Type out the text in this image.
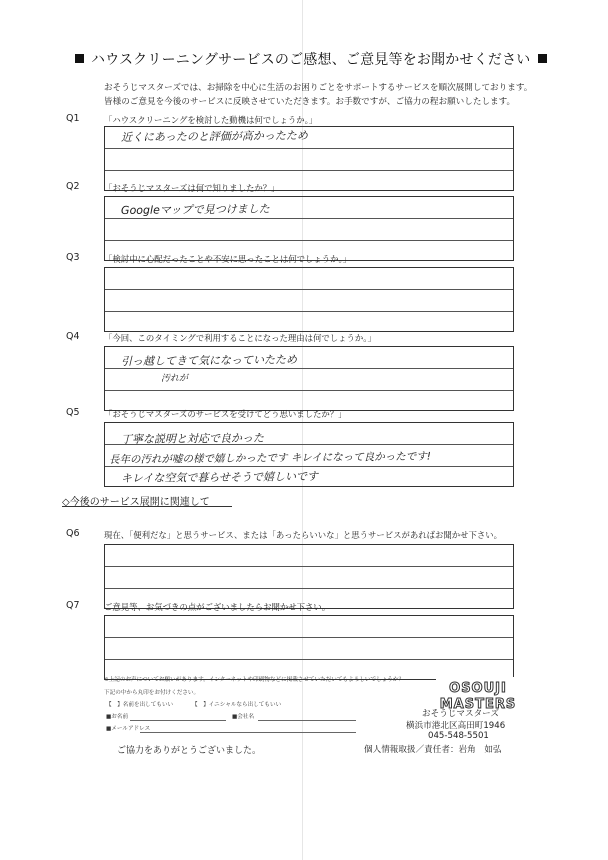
ハウスクリーニングサービスのご感想、ご意見等をお聞かせください
おそうじマスターズでは、お掃除を中心に生活のお困りごとをサポートするサービスを順次展開しております。
皆様のご意見を今後のサービスに反映させていただきます。お手数ですが、ご協力の程お願いしたします。
Q1	「ハウスクリーニングを検討した動機は何でしょうか。」
近くにあったのと評価が高かったため
Q2	「おそうじマスターズは何で知りましたか？」
Googleマップで見つけました
Q3	「検討中に心配だったことや不安に思ったことは何でしょうか。」
Q4	「今回、このタイミングで利用することになった理由は何でしょうか。」
引っ越してきて気になっていたため
汚れが
Q5	「おそうじマスターズのサービスを受けてどう思いましたか？」
丁寧な説明と対応で良かった
長年の汚れが嘘の様で嬉しかったです キレイになって良かったです!
キレイな空気で暮らせそうで嬉しいです
◇今後のサービス展開に関連して
Q6	現在、「便利だな」と思うサービス、または「あったらいいな」と思うサービスがあればお聞かせ下さい。
Q7	ご意見等、お気づきの点がございましたらお聞かせ下さい。
※上記のお声についてお願いがあります。インターネットや印刷物などに掲載させていただいてもよろしいでしょうか？
下記の中から丸印をお付けください。
【　】名前を出してもいい	【　】イニシャルなら出してもいい
■お名前	■会社名
■メールアドレス
ご協力をありがとうございました。
OSOUJI
MASTERS
おそうじマスターズ
横浜市港北区高田町1946
045-548-5501
個人情報取扱／責任者：岩角　如弘
